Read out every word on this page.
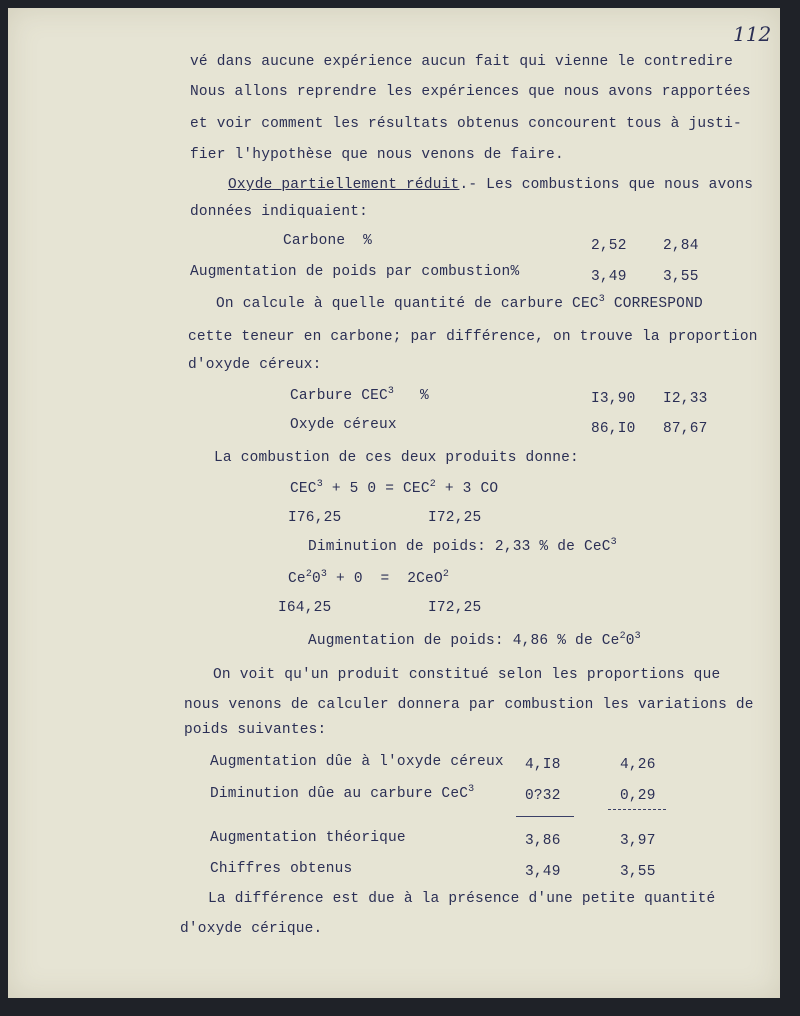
112
vé dans aucune expérience aucun fait qui vienne le contredire
Nous allons reprendre les expériences que nous avons rapportées
et voir comment les résultats obtenus concourent tous à justi-
fier l'hypothèse que nous venons de faire.
Oxyde partiellement réduit.- Les combustions que nous avons
données indiquaient:
Carbone  %	2,52	2,84
Augmentation de poids par combustion%	3,49	3,55
On calcule à quelle quantité de carbure CEC$^3$ CORRESPOND
cette teneur en carbone; par différence, on trouve la proportion
d'oxyde céreux:
Carbure CEC$^3$ %	I3,90 I2,33
Oxyde céreux	86,I0 87,67
La combustion de ces deux produits donne:
$CEC^3 + 5$ $0 = CEC^2 + 3$ CO
I76,25	I72,25
Diminution de poids: 2,33 % de CeC$^3$
$Ce^20^3 + 0 = 2CeO^2$
I64,25	I72,25
Augmentation de poids: 4,86 % de $Ce^20^3$
On voit qu'un produit constitué selon les proportions que
nous venons de calculer donnera par combustion les variations de
poids suivantes:
Augmentation dûe à l'oxyde céreux 4,I8	4,26
Diminution dûe au carbure CeC$^3$	0?32	0,29
Augmentation théorique	3,86	3,97
Chiffres obtenus	3,49	3,55
La différence est due à la présence d'une petite quantité
d'oxyde cérique.
